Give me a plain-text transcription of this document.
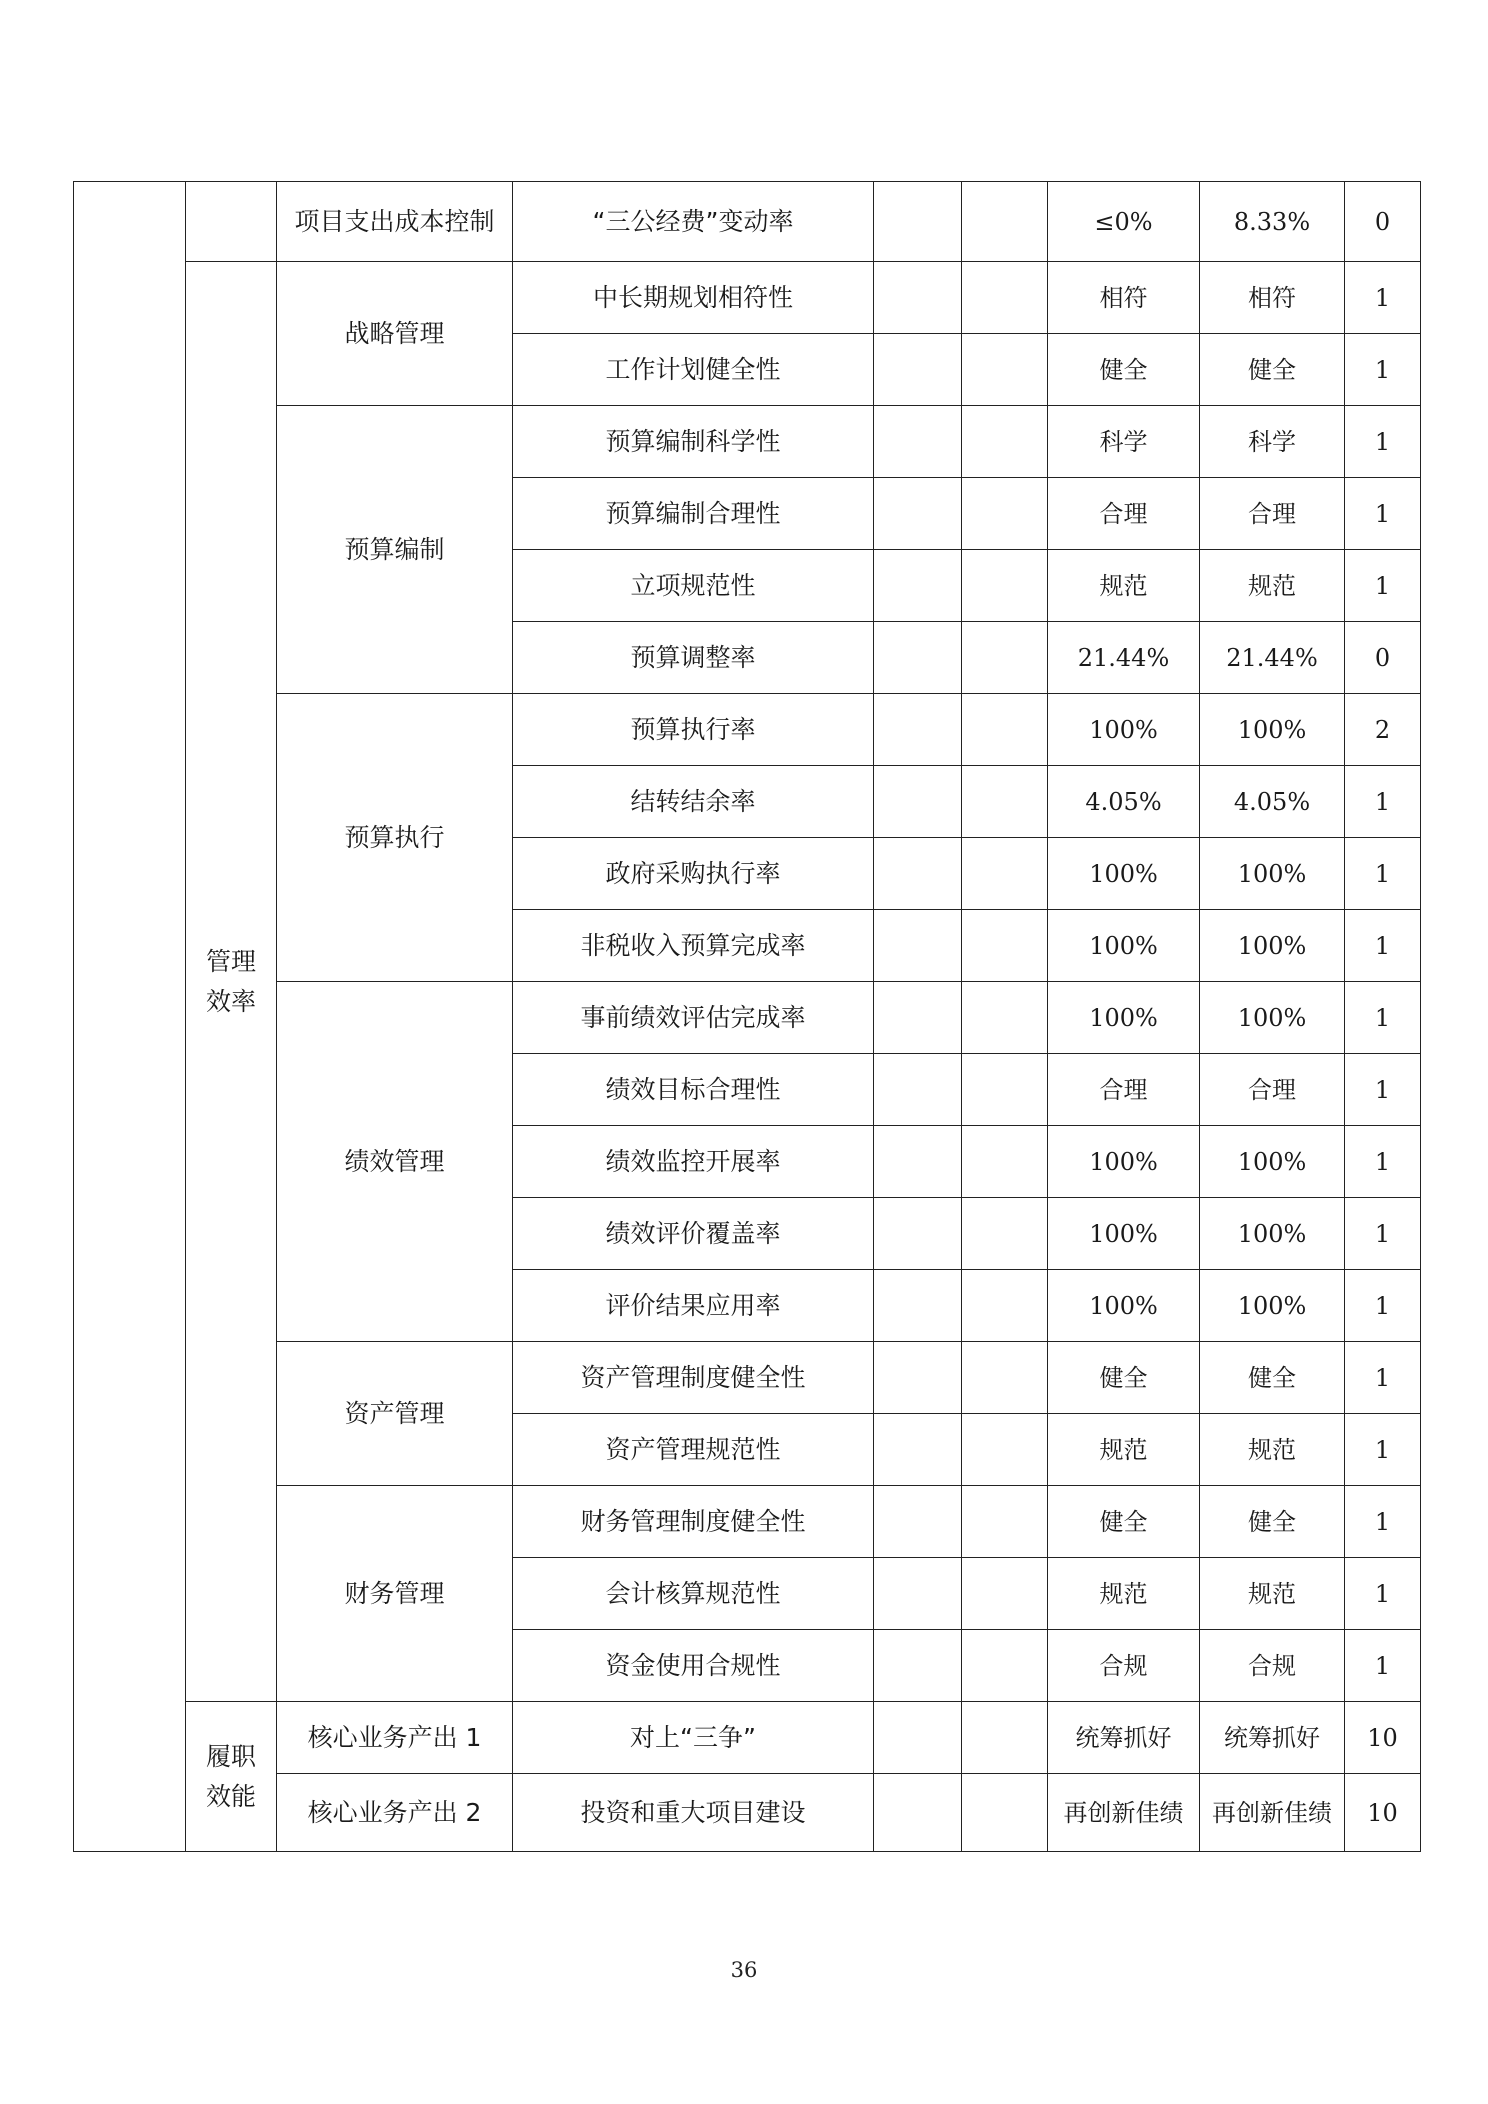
		项目支出成本控制	“三公经费”变动率			≤0%	8.33%	0
	管理效率	战略管理	中长期规划相符性			相符	相符	1
			工作计划健全性			健全	健全	1
		预算编制	预算编制科学性			科学	科学	1
			预算编制合理性			合理	合理	1
			立项规范性			规范	规范	1
			预算调整率			21.44%	21.44%	0
		预算执行	预算执行率			100%	100%	2
			结转结余率			4.05%	4.05%	1
			政府采购执行率			100%	100%	1
			非税收入预算完成率			100%	100%	1
		绩效管理	事前绩效评估完成率			100%	100%	1
			绩效目标合理性			合理	合理	1
			绩效监控开展率			100%	100%	1
			绩效评价覆盖率			100%	100%	1
			评价结果应用率			100%	100%	1
		资产管理	资产管理制度健全性			健全	健全	1
			资产管理规范性			规范	规范	1
		财务管理	财务管理制度健全性			健全	健全	1
			会计核算规范性			规范	规范	1
			资金使用合规性			合规	合规	1
	履职效能	核心业务产出 1	对上“三争”			统筹抓好	统筹抓好	10
		核心业务产出 2	投资和重大项目建设			再创新佳绩	再创新佳绩	10
36
